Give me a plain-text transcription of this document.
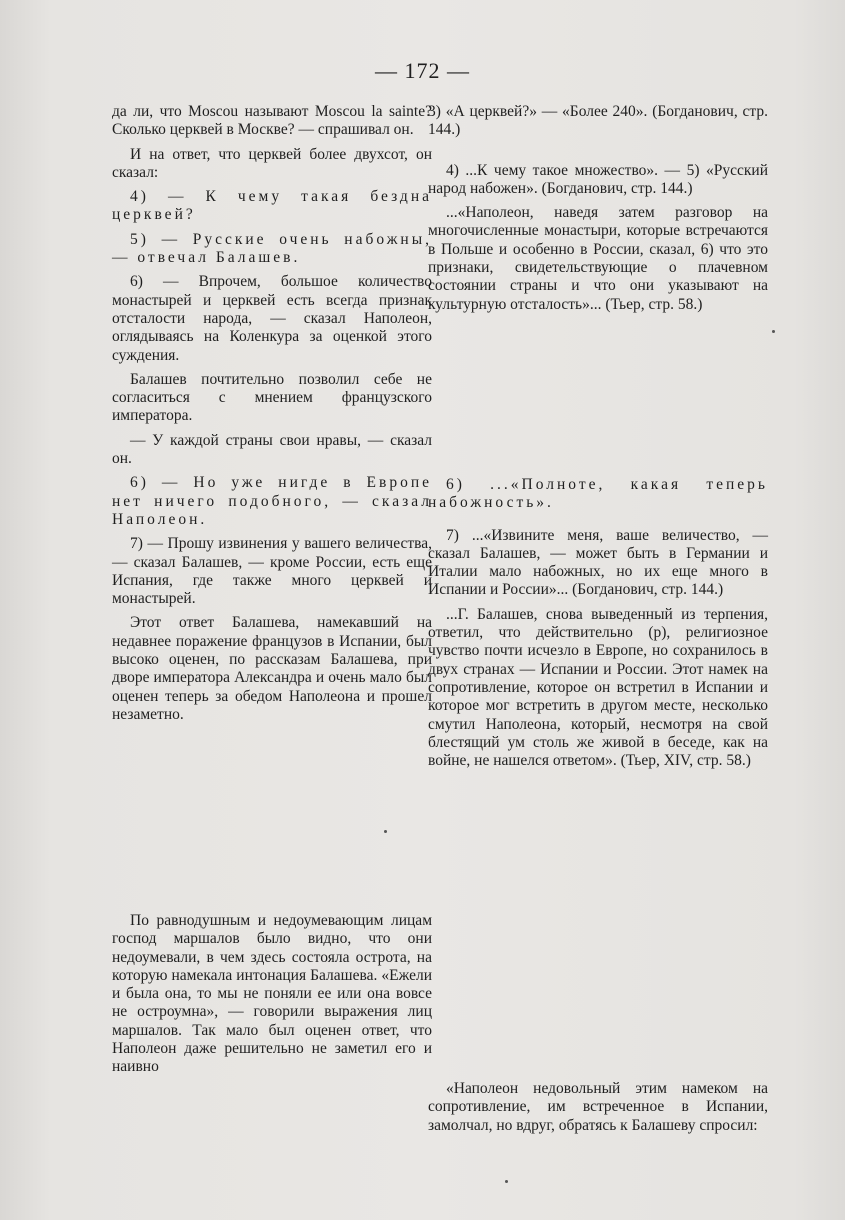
— 172 —

да ли, что Moscou называют Moscou la sainte? Сколько церквей в Москве? — спрашивал он.

И на ответ, что церквей более двухсот, он сказал:

4) — К чему такая бездна церквей?

5) — Русские очень набожны, — отвечал Балашев.

6) — Впрочем, большое количество монастырей и церквей есть всегда признак отсталости народа, — сказал Наполеон, оглядываясь на Коленкура за оценкой этого суждения.

Балашев почтительно позволил себе не согласиться с мнением французского императора.

— У каждой страны свои нравы, — сказал он.

6) — Но уже нигде в Европе нет ничего подобного, — сказал Наполеон.

7) — Прошу извинения у вашего величества, — сказал Балашев, — кроме России, есть еще Испания, где также много церквей и монастырей.

Этот ответ Балашева, намекавший на недавнее поражение французов в Испании, был высоко оценен, по рассказам Балашева, при дворе императора Александра и очень мало был оценен теперь за обедом Наполеона и прошел незаметно.

По равнодушным и недоумевающим лицам господ маршалов было видно, что они недоумевали, в чем здесь состояла острота, на которую намекала интонация Балашева. «Ежели и была она, то мы не поняли ее или она вовсе не остроумна», — говорили выражения лиц маршалов. Так мало был оценен ответ, что Наполеон даже решительно не заметил его и наивно

3) «А церквей?» — «Более 240». (Богданович, стр. 144.)

4) ...К чему такое множество». — 5) «Русский народ набожен». (Богданович, стр. 144.)

...«Наполеон, наведя затем разговор на многочисленные монастыри, которые встречаются в Польше и особенно в России, сказал, 6) что это признаки, свидетельствующие о плачевном состоянии страны и что они указывают на культурную отсталость»... (Тьер, стр. 58.)

6) ...«Полноте, какая теперь набожность».

7) ...«Извините меня, ваше величество, — сказал Балашев, — может быть в Германии и Италии мало набожных, но их еще много в Испании и России»... (Богданович, стр. 144.)

...Г. Балашев, снова выведенный из терпения, ответил, что действительно (р), религиозное чувство почти исчезло в Европе, но сохранилось в двух странах — Испании и России. Этот намек на сопротивление, которое он встретил в Испании и которое мог встретить в другом месте, несколько смутил Наполеона, который, несмотря на свой блестящий ум столь же живой в беседе, как на войне, не нашелся ответом». (Тьер, XIV, стр. 58.)

«Наполеон недовольный этим намеком на сопротивление, им встреченное в Испании, замолчал, но вдруг, обратясь к Балашеву спросил:
